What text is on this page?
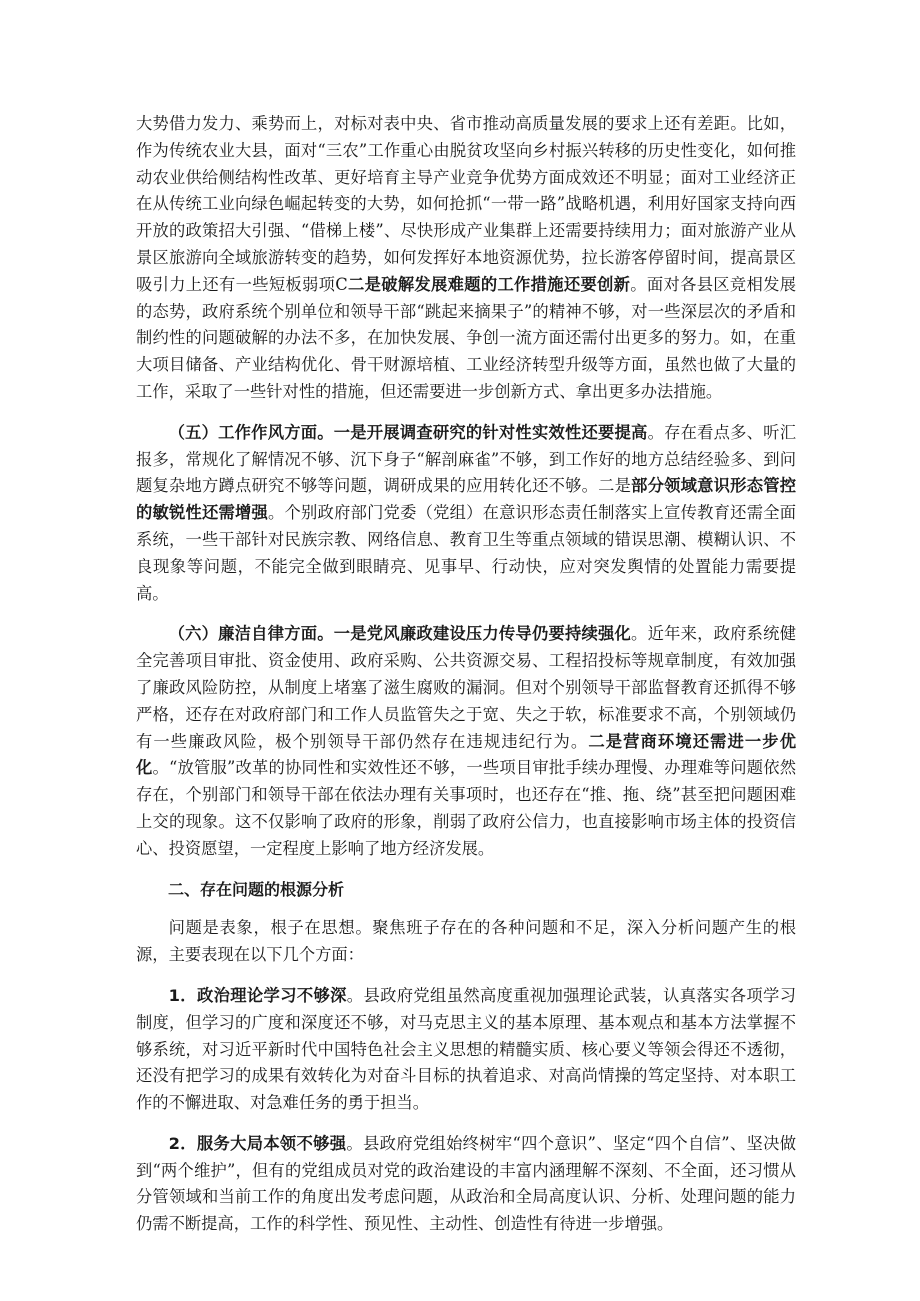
大势借力发力、乘势而上，对标对表中央、省市推动高质量发展的要求上还有差距。比如，作为传统农业大县，面对“三农”工作重心由脱贫攻坚向乡村振兴转移的历史性变化，如何推动农业供给侧结构性改革、更好培育主导产业竞争优势方面成效还不明显；面对工业经济正在从传统工业向绿色崛起转变的大势，如何抢抓“一带一路”战略机遇，利用好国家支持向西开放的政策招大引强、“借梯上楼”、尽快形成产业集群上还需要持续用力；面对旅游产业从景区旅游向全域旅游转变的趋势，如何发挥好本地资源优势，拉长游客停留时间，提高景区吸引力上还有一些短板弱项C二是破解发展难题的工作措施还要创新。面对各县区竞相发展的态势，政府系统个别单位和领导干部“跳起来摘果子”的精神不够，对一些深层次的矛盾和制约性的问题破解的办法不多，在加快发展、争创一流方面还需付出更多的努力。如，在重大项目储备、产业结构优化、骨干财源培植、工业经济转型升级等方面，虽然也做了大量的工作，采取了一些针对性的措施，但还需要进一步创新方式、拿出更多办法措施。

（五）工作作风方面。一是开展调查研究的针对性实效性还要提高。存在看点多、听汇报多，常规化了解情况不够、沉下身子“解剖麻雀”不够，到工作好的地方总结经验多、到问题复杂地方蹲点研究不够等问题，调研成果的应用转化还不够。二是部分领域意识形态管控的敏锐性还需增强。个别政府部门党委（党组）在意识形态责任制落实上宣传教育还需全面系统，一些干部针对民族宗教、网络信息、教育卫生等重点领域的错误思潮、模糊认识、不良现象等问题，不能完全做到眼睛亮、见事早、行动快，应对突发舆情的处置能力需要提高。

（六）廉洁自律方面。一是党风廉政建设压力传导仍要持续强化。近年来，政府系统健全完善项目审批、资金使用、政府采购、公共资源交易、工程招投标等规章制度，有效加强了廉政风险防控，从制度上堵塞了滋生腐败的漏洞。但对个别领导干部监督教育还抓得不够严格，还存在对政府部门和工作人员监管失之于宽、失之于软，标准要求不高，个别领域仍有一些廉政风险，极个别领导干部仍然存在违规违纪行为。二是营商环境还需进一步优化。“放管服”改革的协同性和实效性还不够，一些项目审批手续办理慢、办理难等问题依然存在，个别部门和领导干部在依法办理有关事项时，也还存在“推、拖、绕”甚至把问题困难上交的现象。这不仅影响了政府的形象，削弱了政府公信力，也直接影响市场主体的投资信心、投资愿望，一定程度上影响了地方经济发展。

二、存在问题的根源分析

问题是表象，根子在思想。聚焦班子存在的各种问题和不足，深入分析问题产生的根源，主要表现在以下几个方面：

1．政治理论学习不够深。县政府党组虽然高度重视加强理论武装，认真落实各项学习制度，但学习的广度和深度还不够，对马克思主义的基本原理、基本观点和基本方法掌握不够系统，对习近平新时代中国特色社会主义思想的精髓实质、核心要义等领会得还不透彻，还没有把学习的成果有效转化为对奋斗目标的执着追求、对高尚情操的笃定坚持、对本职工作的不懈进取、对急难任务的勇于担当。

2．服务大局本领不够强。县政府党组始终树牢“四个意识”、坚定“四个自信”、坚决做到“两个维护”，但有的党组成员对党的政治建设的丰富内涵理解不深刻、不全面，还习惯从分管领域和当前工作的角度出发考虑问题，从政治和全局高度认识、分析、处理问题的能力仍需不断提高，工作的科学性、预见性、主动性、创造性有待进一步增强。
